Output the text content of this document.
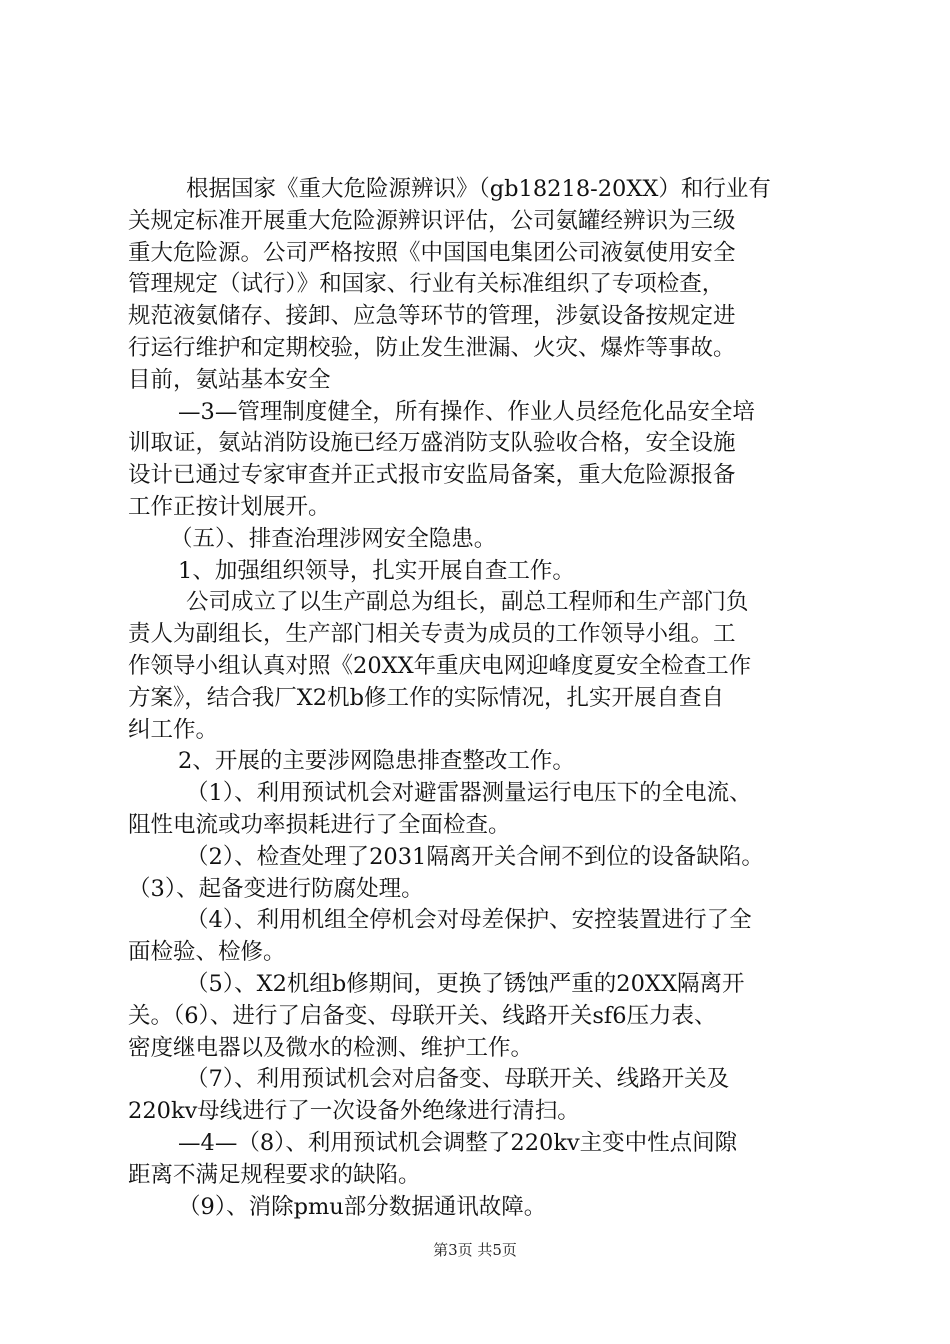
根据国家《重大危险源辨识》（gb18218-20XX）和行业有
关规定标准开展重大危险源辨识评估，公司氨罐经辨识为三级
重大危险源。公司严格按照《中国国电集团公司液氨使用安全
管理规定（试行）》和国家、行业有关标准组织了专项检查，
规范液氨储存、接卸、应急等环节的管理，涉氨设备按规定进
行运行维护和定期校验，防止发生泄漏、火灾、爆炸等事故。
目前，氨站基本安全
—3—管理制度健全，所有操作、作业人员经危化品安全培
训取证，氨站消防设施已经万盛消防支队验收合格，安全设施
设计已通过专家审查并正式报市安监局备案，重大危险源报备
工作正按计划展开。
（五）、排查治理涉网安全隐患。
1、加强组织领导，扎实开展自查工作。
公司成立了以生产副总为组长，副总工程师和生产部门负
责人为副组长，生产部门相关专责为成员的工作领导小组。工
作领导小组认真对照《20XX年重庆电网迎峰度夏安全检查工作
方案》，结合我厂X2机b修工作的实际情况，扎实开展自查自
纠工作。
2、开展的主要涉网隐患排查整改工作。
（1）、利用预试机会对避雷器测量运行电压下的全电流、
阻性电流或功率损耗进行了全面检查。
（2）、检查处理了2031隔离开关合闸不到位的设备缺陷。
（3）、起备变进行防腐处理。
（4）、利用机组全停机会对母差保护、安控装置进行了全
面检验、检修。
（5）、X2机组b修期间，更换了锈蚀严重的20XX隔离开
关。（6）、进行了启备变、母联开关、线路开关sf6压力表、
密度继电器以及微水的检测、维护工作。
（7）、利用预试机会对启备变、母联开关、线路开关及
220kv母线进行了一次设备外绝缘进行清扫。
—4—（8）、利用预试机会调整了220kv主变中性点间隙
距离不满足规程要求的缺陷。
（9）、消除pmu部分数据通讯故障。
第3页 共5页
